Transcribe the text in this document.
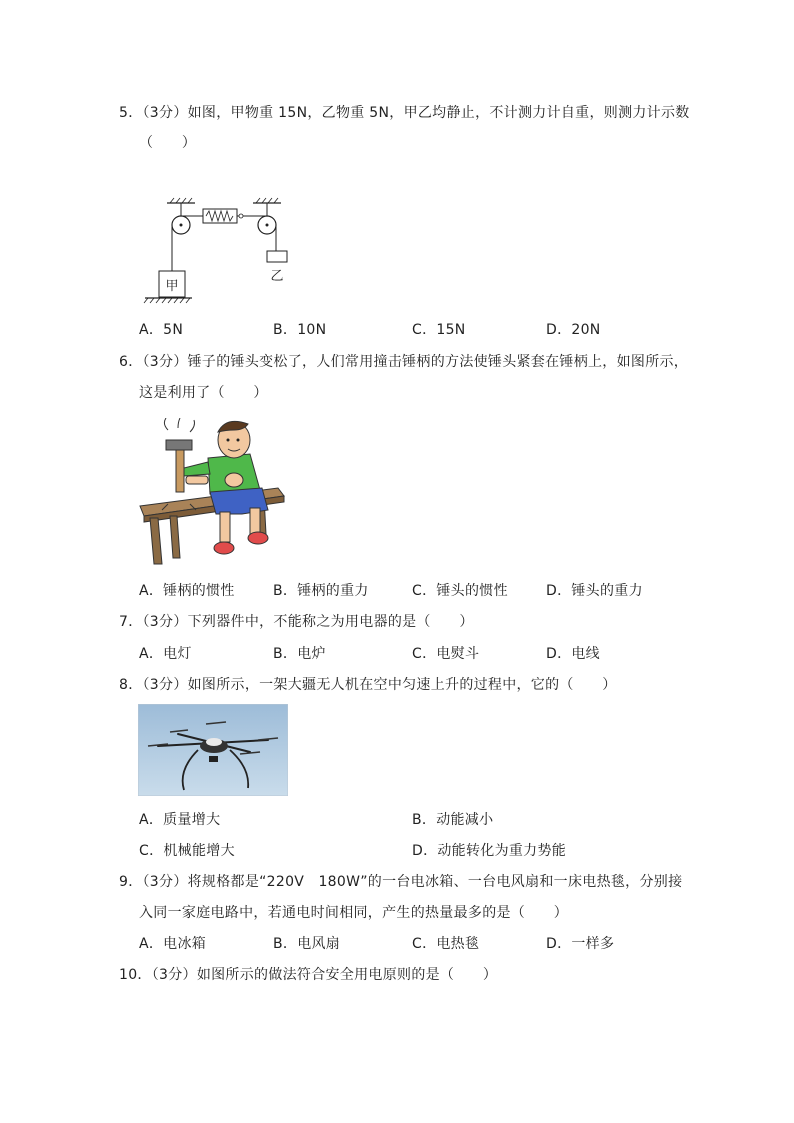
5．（3分）如图，甲物重 15N，乙物重 5N，甲乙均静止，不计测力计自重，则测力计示数
（　　）
甲
乙
A．5N	B．10N	C．15N	D．20N
6．（3分）锤子的锤头变松了，人们常用撞击锤柄的方法使锤头紧套在锤柄上，如图所示，
这是利用了（　　）
A．锤柄的惯性	B．锤柄的重力	C．锤头的惯性	D．锤头的重力
7．（3分）下列器件中，不能称之为用电器的是（　　）
A．电灯	B．电炉	C．电熨斗	D．电线
8．（3分）如图所示，一架大疆无人机在空中匀速上升的过程中，它的（　　）
A．质量增大	B．动能减小
C．机械能增大	D．动能转化为重力势能
9．（3分）将规格都是“220V　180W”的一台电冰箱、一台电风扇和一床电热毯，分别接
入同一家庭电路中，若通电时间相同，产生的热量最多的是（　　）
A．电冰箱	B．电风扇	C．电热毯	D．一样多
10．（3分）如图所示的做法符合安全用电原则的是（　　）
